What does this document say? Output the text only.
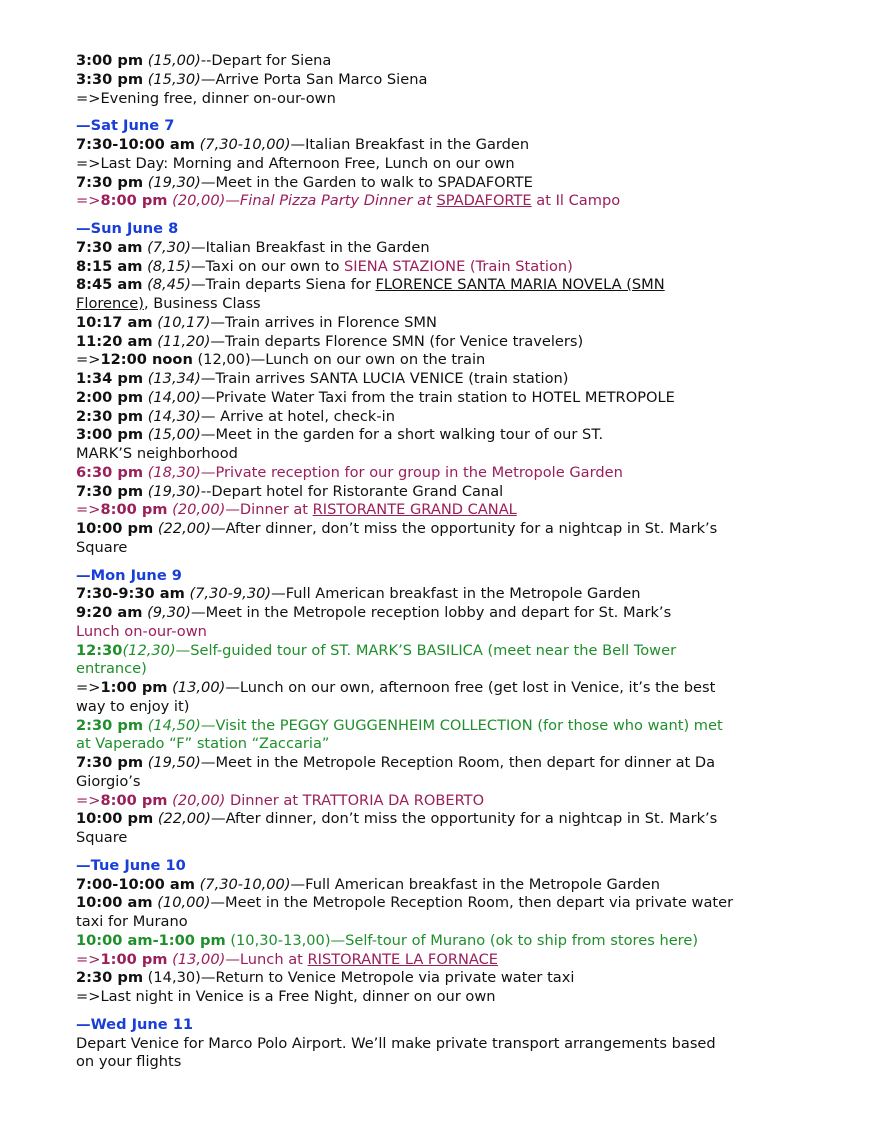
3:00 pm (15,00)--Depart for Siena
3:30 pm (15,30)—Arrive Porta San Marco Siena
=>Evening free, dinner on-our-own
—Sat June 7
7:30-10:00 am (7,30-10,00)—Italian Breakfast in the Garden
=>Last Day: Morning and Afternoon Free, Lunch on our own
7:30 pm (19,30)—Meet in the Garden to walk to SPADAFORTE
=>8:00 pm (20,00)—Final Pizza Party Dinner at SPADAFORTE at Il Campo
—Sun June 8
7:30 am (7,30)—Italian Breakfast in the Garden
8:15 am (8,15)—Taxi on our own to SIENA STAZIONE (Train Station)
8:45 am (8,45)—Train departs Siena for FLORENCE SANTA MARIA NOVELA (SMN
Florence), Business Class
10:17 am (10,17)—Train arrives in Florence SMN
11:20 am (11,20)—Train departs Florence SMN (for Venice travelers)
=>12:00 noon (12,00)—Lunch on our own on the train
1:34 pm (13,34)—Train arrives SANTA LUCIA VENICE (train station)
2:00 pm (14,00)—Private Water Taxi from the train station to HOTEL METROPOLE
2:30 pm (14,30)— Arrive at hotel, check-in
3:00 pm (15,00)—Meet in the garden for a short walking tour of our ST.
MARK’S neighborhood
6:30 pm (18,30)—Private reception for our group in the Metropole Garden
7:30 pm (19,30)--Depart hotel for Ristorante Grand Canal
=>8:00 pm (20,00)—Dinner at RISTORANTE GRAND CANAL
10:00 pm (22,00)—After dinner, don’t miss the opportunity for a nightcap in St. Mark’s
Square
—Mon June 9
7:30-9:30 am (7,30-9,30)—Full American breakfast in the Metropole Garden
9:20 am (9,30)—Meet in the Metropole reception lobby and depart for St. Mark’s
Lunch on-our-own
12:30(12,30)—Self-guided tour of ST. MARK’S BASILICA (meet near the Bell Tower
entrance)
=>1:00 pm (13,00)—Lunch on our own, afternoon free (get lost in Venice, it’s the best
way to enjoy it)
2:30 pm (14,50)—Visit the PEGGY GUGGENHEIM COLLECTION (for those who want) met
at Vaperado “F” station “Zaccaria”
7:30 pm (19,50)—Meet in the Metropole Reception Room, then depart for dinner at Da
Giorgio’s
=>8:00 pm (20,00) Dinner at TRATTORIA DA ROBERTO
10:00 pm (22,00)—After dinner, don’t miss the opportunity for a nightcap in St. Mark’s
Square
—Tue June 10
7:00-10:00 am (7,30-10,00)—Full American breakfast in the Metropole Garden
10:00 am (10,00)—Meet in the Metropole Reception Room, then depart via private water
taxi for Murano
10:00 am-1:00 pm (10,30-13,00)—Self-tour of Murano (ok to ship from stores here)
=>1:00 pm (13,00)—Lunch at RISTORANTE LA FORNACE
2:30 pm (14,30)—Return to Venice Metropole via private water taxi
=>Last night in Venice is a Free Night, dinner on our own
—Wed June 11
Depart Venice for Marco Polo Airport. We’ll make private transport arrangements based
on your flights
